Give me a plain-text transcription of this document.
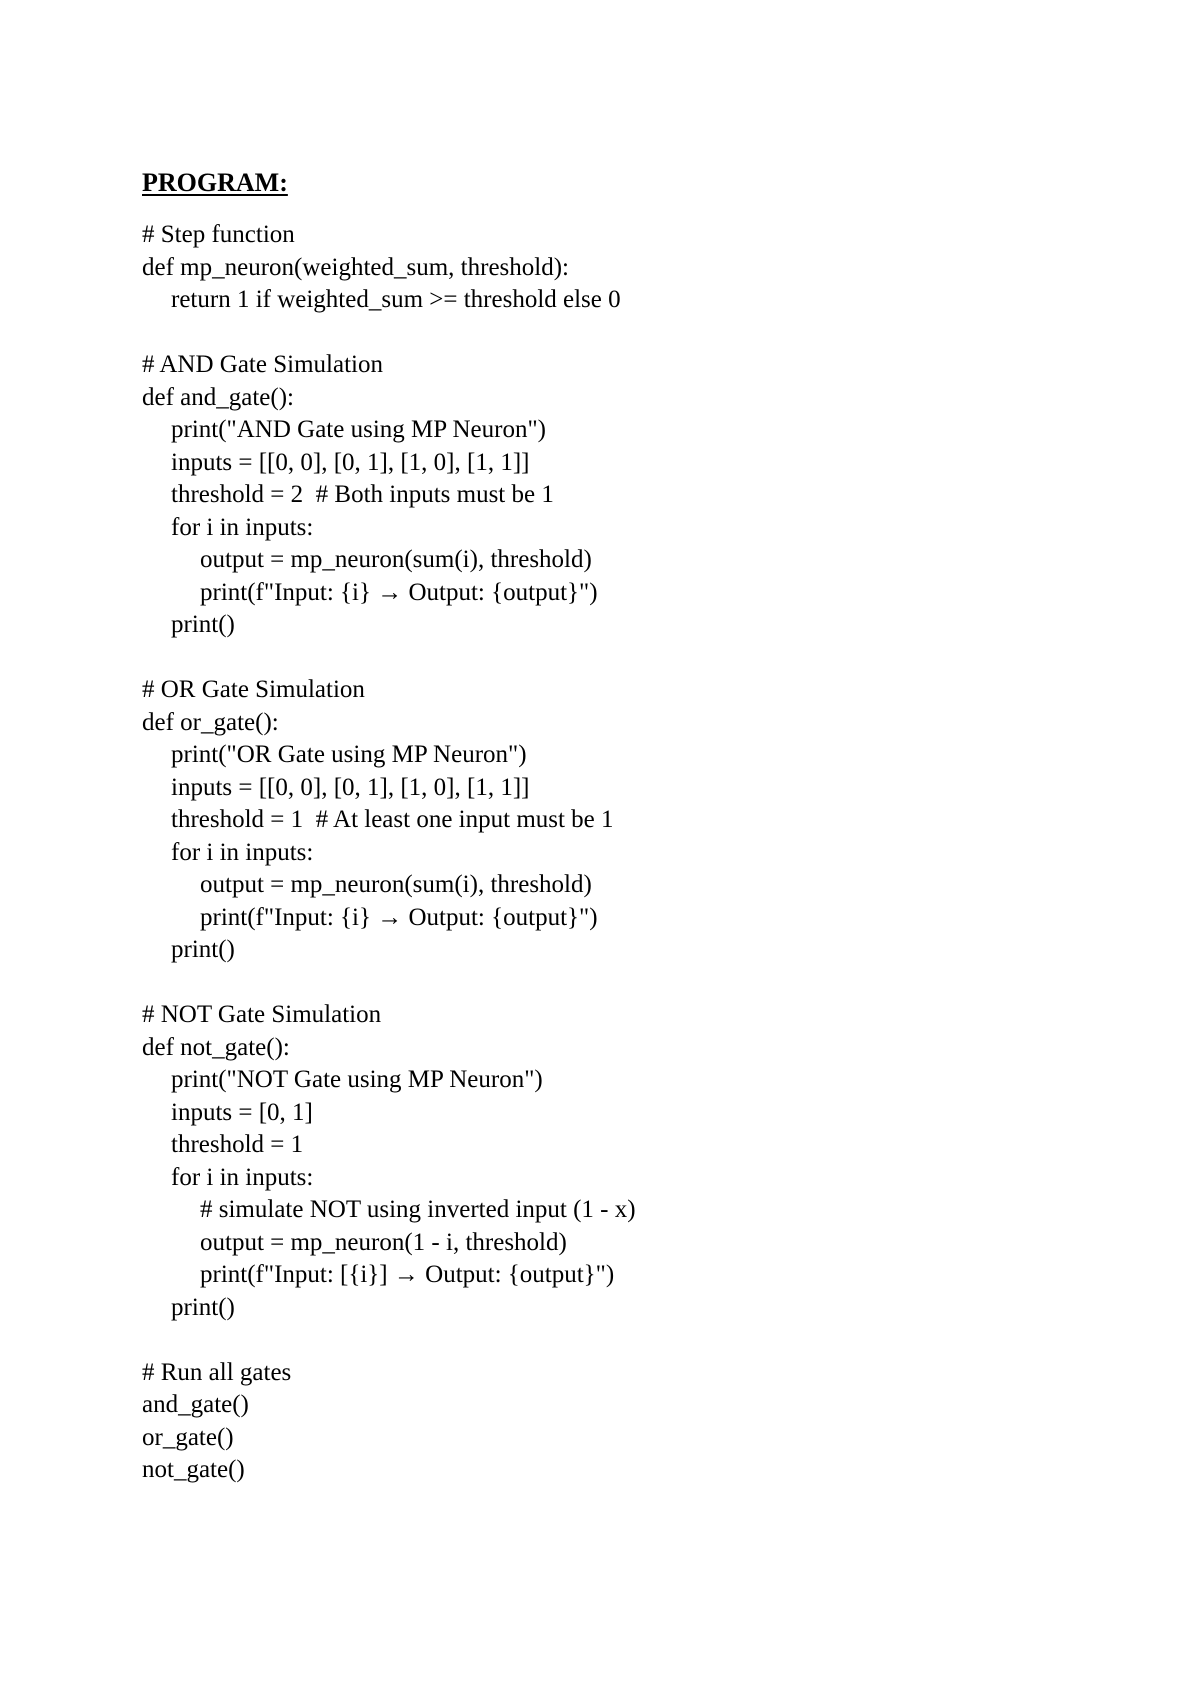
PROGRAM:
# Step function
def mp_neuron(weighted_sum, threshold):
return 1 if weighted_sum >= threshold else 0
# AND Gate Simulation
def and_gate():
print("AND Gate using MP Neuron")
inputs = [[0, 0], [0, 1], [1, 0], [1, 1]]
threshold = 2  # Both inputs must be 1
for i in inputs:
output = mp_neuron(sum(i), threshold)
print(f"Input: {i} → Output: {output}")
print()
# OR Gate Simulation
def or_gate():
print("OR Gate using MP Neuron")
inputs = [[0, 0], [0, 1], [1, 0], [1, 1]]
threshold = 1  # At least one input must be 1
for i in inputs:
output = mp_neuron(sum(i), threshold)
print(f"Input: {i} → Output: {output}")
print()
# NOT Gate Simulation
def not_gate():
print("NOT Gate using MP Neuron")
inputs = [0, 1]
threshold = 1
for i in inputs:
# simulate NOT using inverted input (1 - x)
output = mp_neuron(1 - i, threshold)
print(f"Input: [{i}] → Output: {output}")
print()
# Run all gates
and_gate()
or_gate()
not_gate()
